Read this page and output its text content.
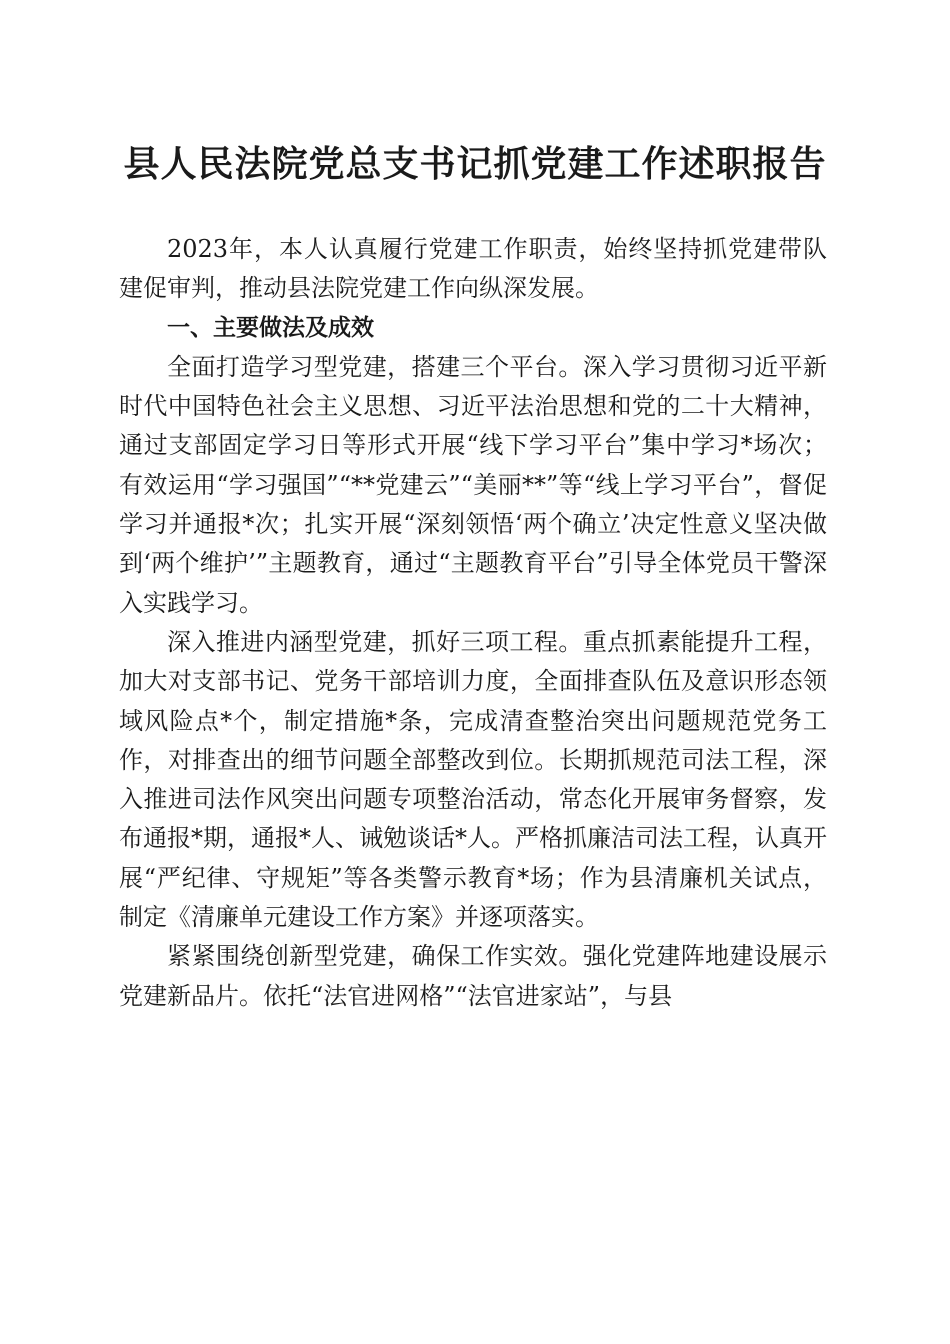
县人民法院党总支书记抓党建工作述职报告

2023年，本人认真履行党建工作职责，始终坚持抓党建带队建促审判，推动县法院党建工作向纵深发展。

一、主要做法及成效

全面打造学习型党建，搭建三个平台。深入学习贯彻习近平新时代中国特色社会主义思想、习近平法治思想和党的二十大精神，通过支部固定学习日等形式开展“线下学习平台”集中学习*场次；有效运用“学习强国”“**党建云”“美丽**”等“线上学习平台”，督促学习并通报*次；扎实开展“深刻领悟‘两个确立’决定性意义坚决做到‘两个维护’”主题教育，通过“主题教育平台”引导全体党员干警深入实践学习。

深入推进内涵型党建，抓好三项工程。重点抓素能提升工程，加大对支部书记、党务干部培训力度，全面排查队伍及意识形态领域风险点*个，制定措施*条，完成清查整治突出问题规范党务工作，对排查出的细节问题全部整改到位。长期抓规范司法工程，深入推进司法作风突出问题专项整治活动，常态化开展审务督察，发布通报*期，通报*人、诫勉谈话*人。严格抓廉洁司法工程，认真开展“严纪律、守规矩”等各类警示教育*场；作为县清廉机关试点，制定《清廉单元建设工作方案》并逐项落实。

紧紧围绕创新型党建，确保工作实效。强化党建阵地建设展示党建新品片。依托“法官进网格”“法官进家站”，与县
